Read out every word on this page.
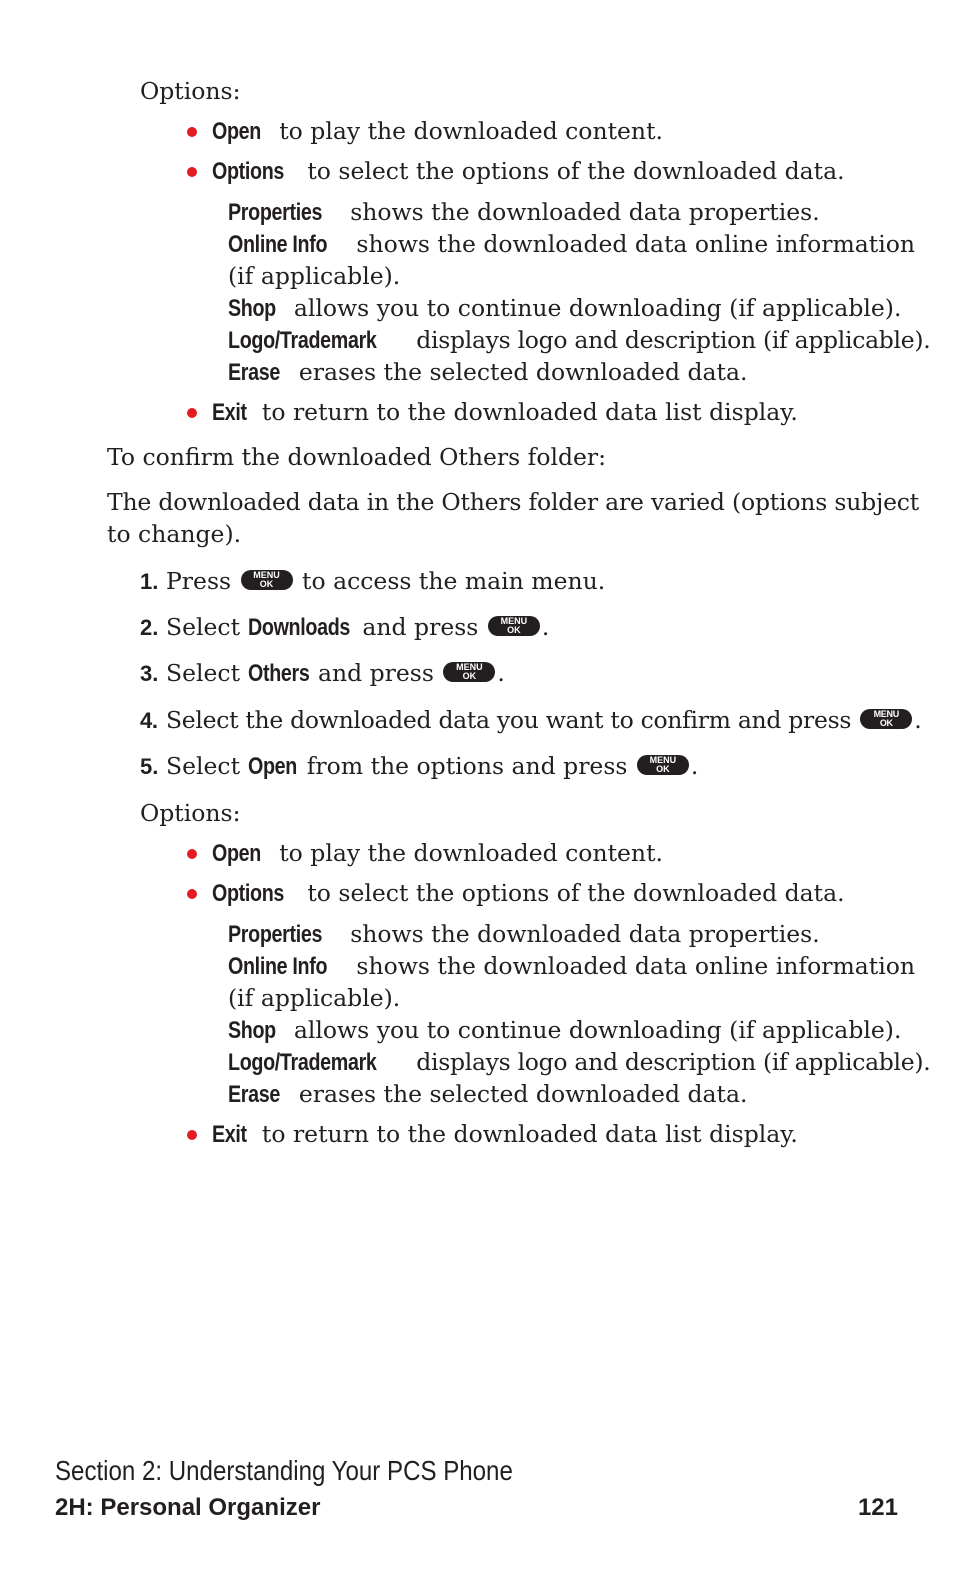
Options:
Open to play the downloaded content.
Options to select the options of the downloaded data.
Properties shows the downloaded data properties.
Online Info shows the downloaded data online information
(if applicable).
Shop allows you to continue downloading (if applicable).
Logo/Trademark displays logo and description (if applicable).
Erase erases the selected downloaded data.
Exit to return to the downloaded data list display.
To confirm the downloaded Others folder:
The downloaded data in the Others folder are varied (options subject
to change).
1. Press	MENU
OK to access the main menu.
2. Select Downloads and press	MENU
OK .
3. Select Others and press	MENU
OK .
4. Select the downloaded data you want to confirm and press	MENU
OK .
5. Select Open from the options and press	MENU
OK .
Options:
Open to play the downloaded content.
Options to select the options of the downloaded data.
Properties shows the downloaded data properties.
Online Info shows the downloaded data online information
(if applicable).
Shop allows you to continue downloading (if applicable).
Logo/Trademark displays logo and description (if applicable).
Erase erases the selected downloaded data.
Exit to return to the downloaded data list display.
Section 2: Understanding Your PCS Phone
2H: Personal Organizer	121
